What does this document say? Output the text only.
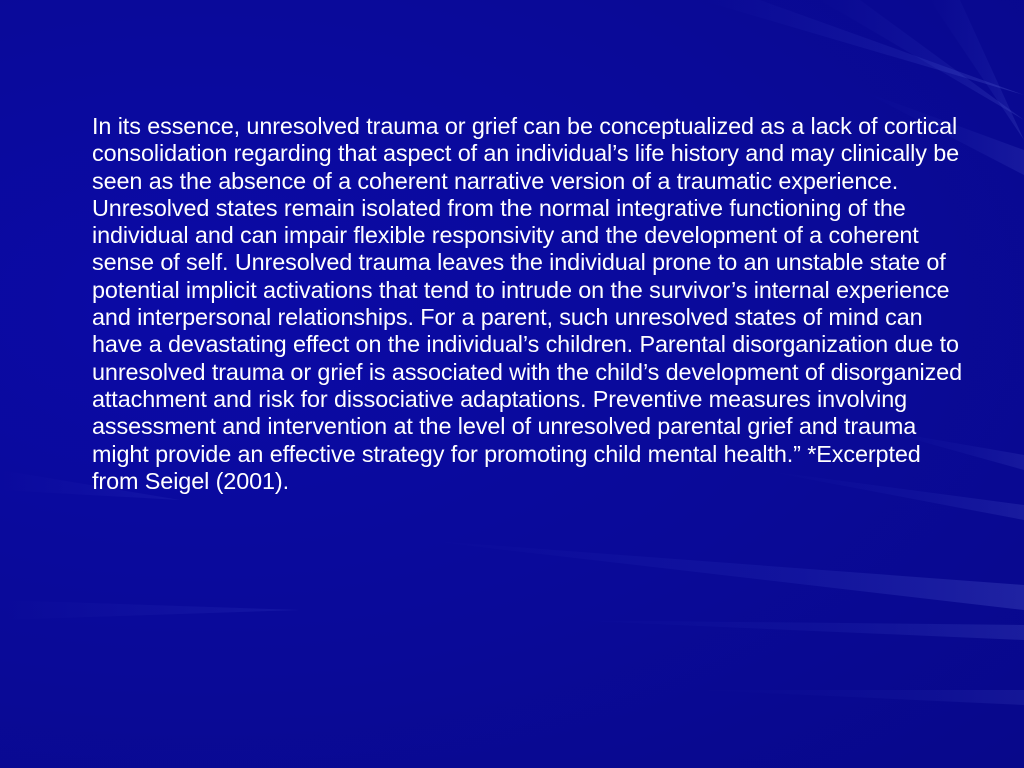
In its essence, unresolved trauma or grief can be conceptualized as a lack of cortical consolidation regarding that aspect of an individual’s life history and may clinically be seen as the absence of a coherent narrative version of a traumatic experience. Unresolved states remain isolated from the normal integrative functioning of the individual and can impair flexible responsivity and the development of a coherent sense of self. Unresolved trauma leaves the individual prone to an unstable state of potential implicit activations that tend to intrude on the survivor’s internal experience and interpersonal relationships. For a parent, such unresolved states of mind can have a devastating effect on the individual’s children. Parental disorganization due to unresolved trauma or grief is associated with the child’s development of disorganized attachment and risk for dissociative adaptations. Preventive measures involving assessment and intervention at the level of unresolved parental grief and trauma might provide an effective strategy for promoting child mental health.” *Excerpted from Seigel (2001).
